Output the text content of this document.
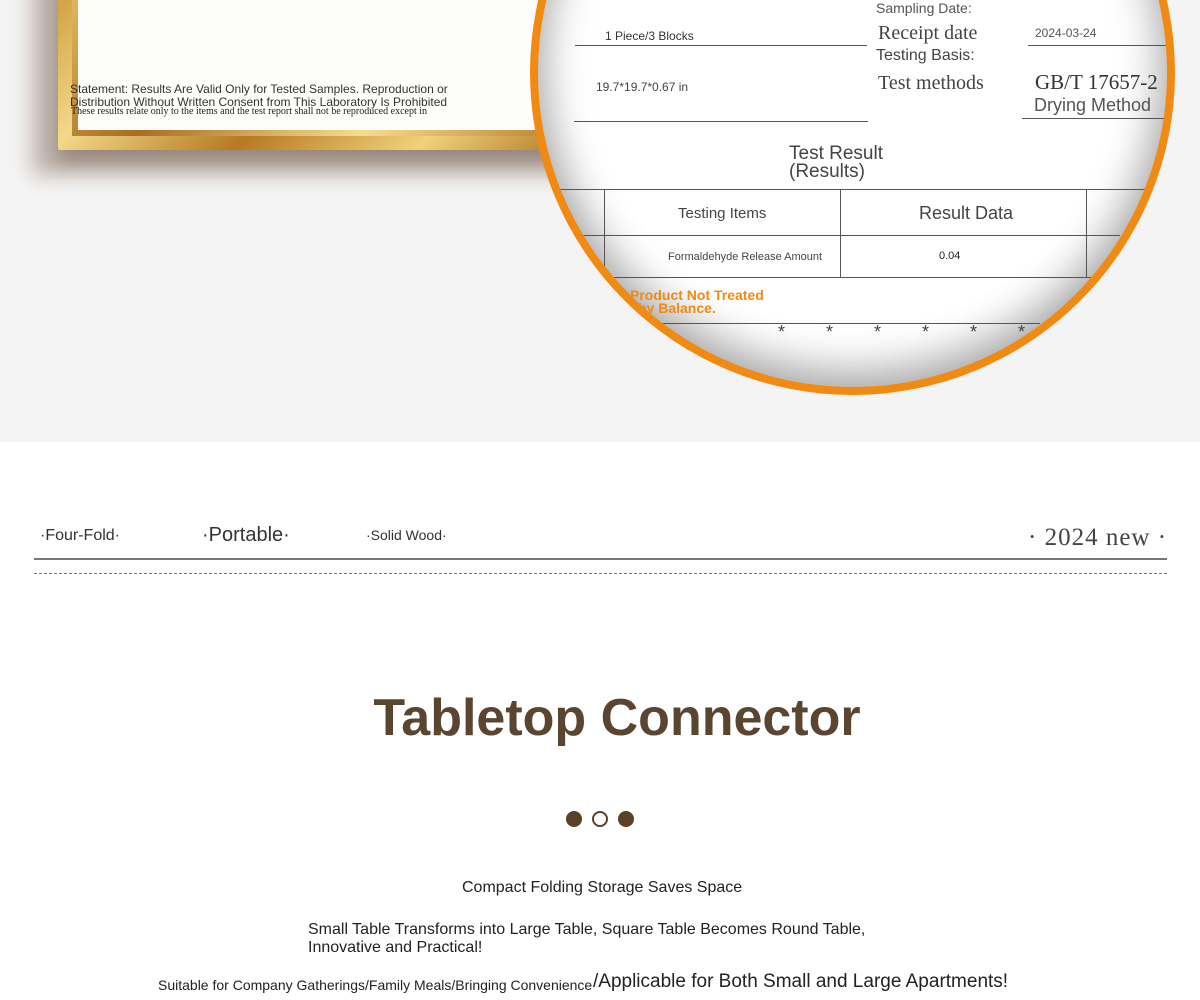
Statement: Results Are Valid Only for Tested Samples. Reproduction or Distribution Without Written Consent from This Laboratory Is Prohibited
These results relate only to the items and the test report shall not be reproduced except in
Sampling Date:
1 Piece/3 Blocks	Receipt date	2024-03-24
Testing Basis:
19.7*19.7*0.67 in	Test methods GB/T 17657-2
Drying Method
Test Result
(Results)
Testing Items	Result Data
Formaldehyde Release Amount	0.04
Product Not Treated
by Balance.
* * * * * * * *
·Four-Fold·	·Portable·	·Solid Wood·	· 2024 new ·
Tabletop Connector
Compact Folding Storage Saves Space
Small Table Transforms into Large Table, Square Table Becomes Round Table, Innovative and Practical!
Suitable for Company Gatherings/Family Meals/Bringing Convenience /Applicable for Both Small and Large Apartments!
